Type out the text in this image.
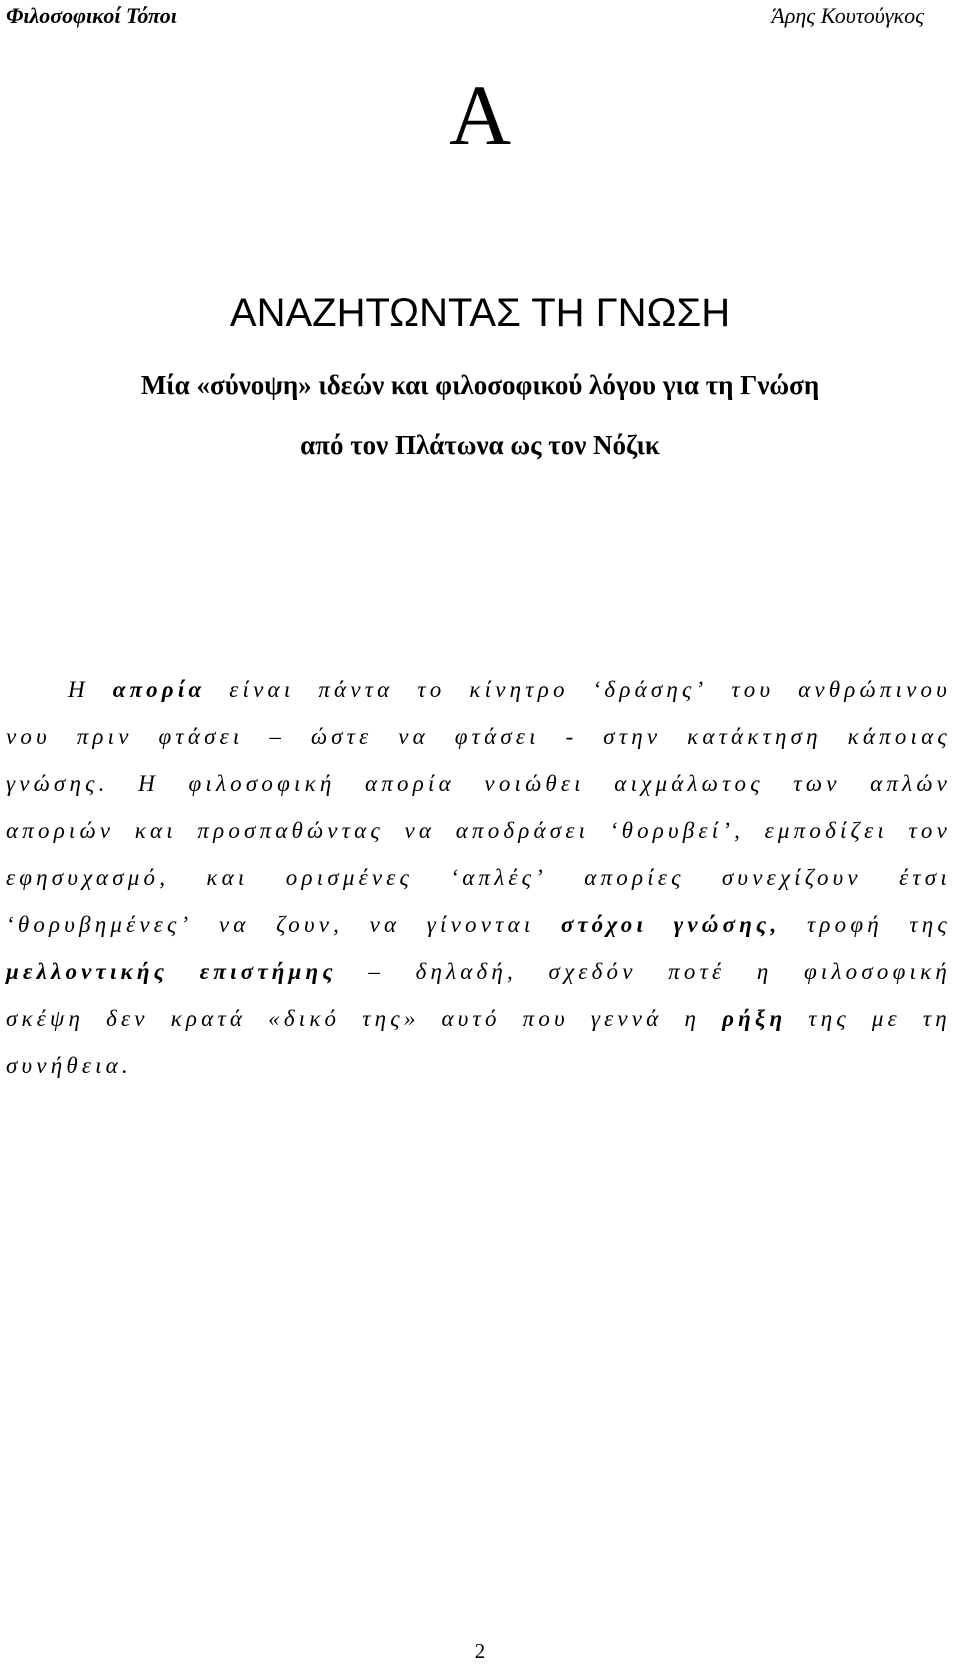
Φιλοσοφικοί Τόποι	Άρης Κουτούγκος
Α
ΑΝΑΖΗΤΩΝΤΑΣ ΤΗ ΓΝΩΣΗ
Μία «σύνοψη» ιδεών και φιλοσοφικού λόγου για τη Γνώση
από τον Πλάτωνα ως τον Νόζικ
Η απορία είναι πάντα το κίνητρο ‘δράσης’ του ανθρώπινου
νου πριν φτάσει – ώστε να φτάσει - στην κατάκτηση κάποιας
γνώσης. Η φιλοσοφική απορία νοιώθει αιχμάλωτος των απλών
αποριών και προσπαθώντας να αποδράσει ‘θορυβεί’, εμποδίζει τον
εφησυχασμό, και ορισμένες ‘απλές’ απορίες συνεχίζουν έτσι
‘θορυβημένες’ να ζουν, να γίνονται στόχοι γνώσης, τροφή της
μελλοντικής επιστήμης – δηλαδή, σχεδόν ποτέ η φιλοσοφική
σκέψη δεν κρατά «δικό της» αυτό που γεννά η ρήξη της με τη
συνήθεια.
2
